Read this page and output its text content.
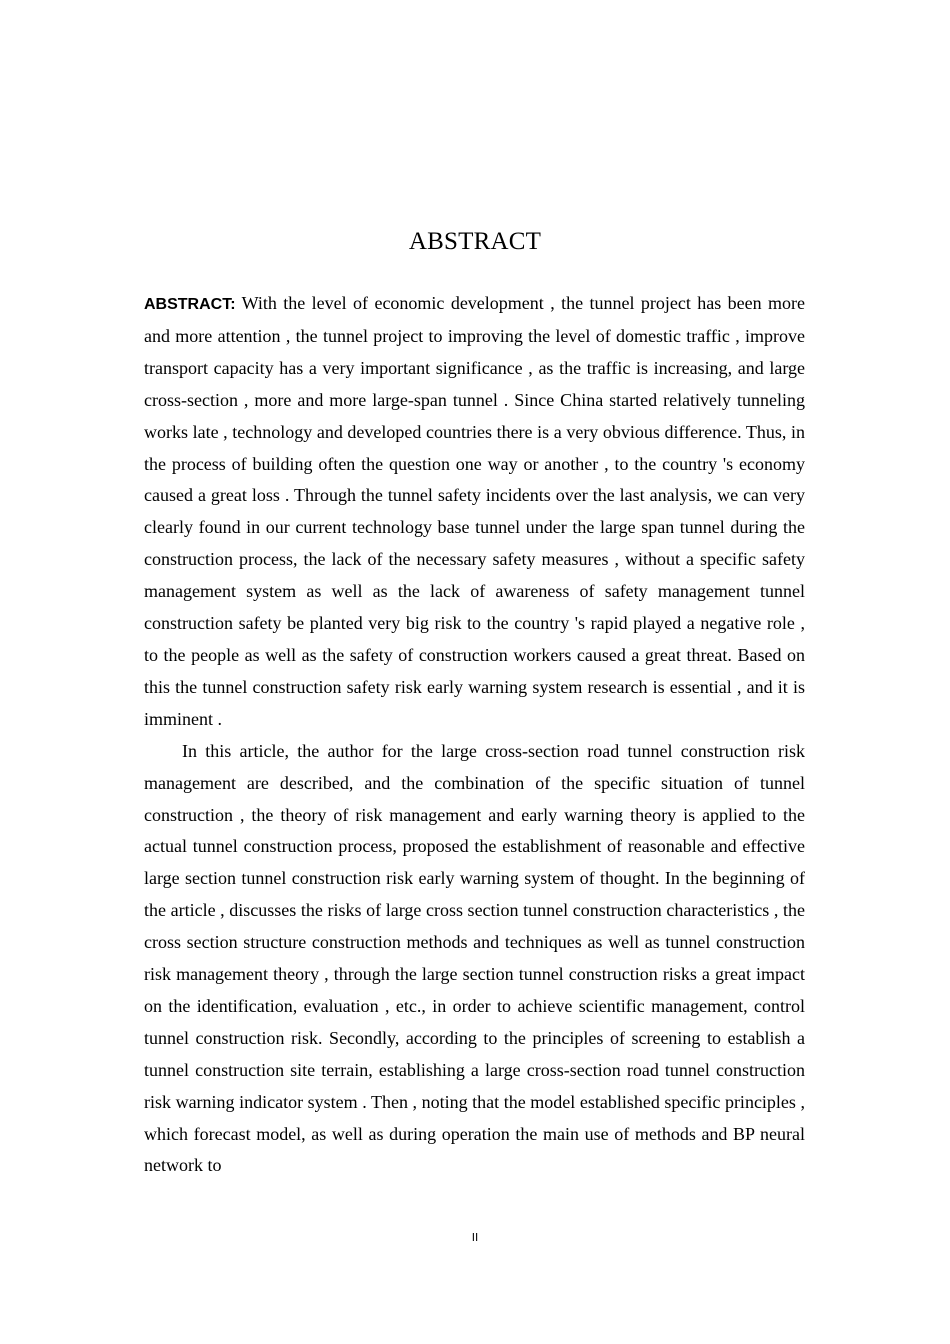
ABSTRACT

ABSTRACT: With the level of economic development , the tunnel project has been more and more attention , the tunnel project to improving the level of domestic traffic , improve transport capacity has a very important significance , as the traffic is increasing, and large cross-section , more and more large-span tunnel . Since China started relatively tunneling works late , technology and developed countries there is a very obvious difference. Thus, in the process of building often the question one way or another , to the country 's economy caused a great loss . Through the tunnel safety incidents over the last analysis, we can very clearly found in our current technology base tunnel under the large span tunnel during the construction process, the lack of the necessary safety measures , without a specific safety management system as well as the lack of awareness of safety management tunnel construction safety be planted very big risk to the country 's rapid played a negative role , to the people as well as the safety of construction workers caused a great threat. Based on this the tunnel construction safety risk early warning system research is essential , and it is imminent .

In this article, the author for the large cross-section road tunnel construction risk management are described, and the combination of the specific situation of tunnel construction , the theory of risk management and early warning theory is applied to the actual tunnel construction process, proposed the establishment of reasonable and effective large section tunnel construction risk early warning system of thought. In the beginning of the article , discusses the risks of large cross section tunnel construction characteristics , the cross section structure construction methods and techniques as well as tunnel construction risk management theory , through the large section tunnel construction risks a great impact on the identification, evaluation , etc., in order to achieve scientific management, control tunnel construction risk. Secondly, according to the principles of screening to establish a tunnel construction site terrain, establishing a large cross-section road tunnel construction risk warning indicator system . Then , noting that the model established specific principles , which forecast model, as well as during operation the main use of methods and BP neural network to

II
